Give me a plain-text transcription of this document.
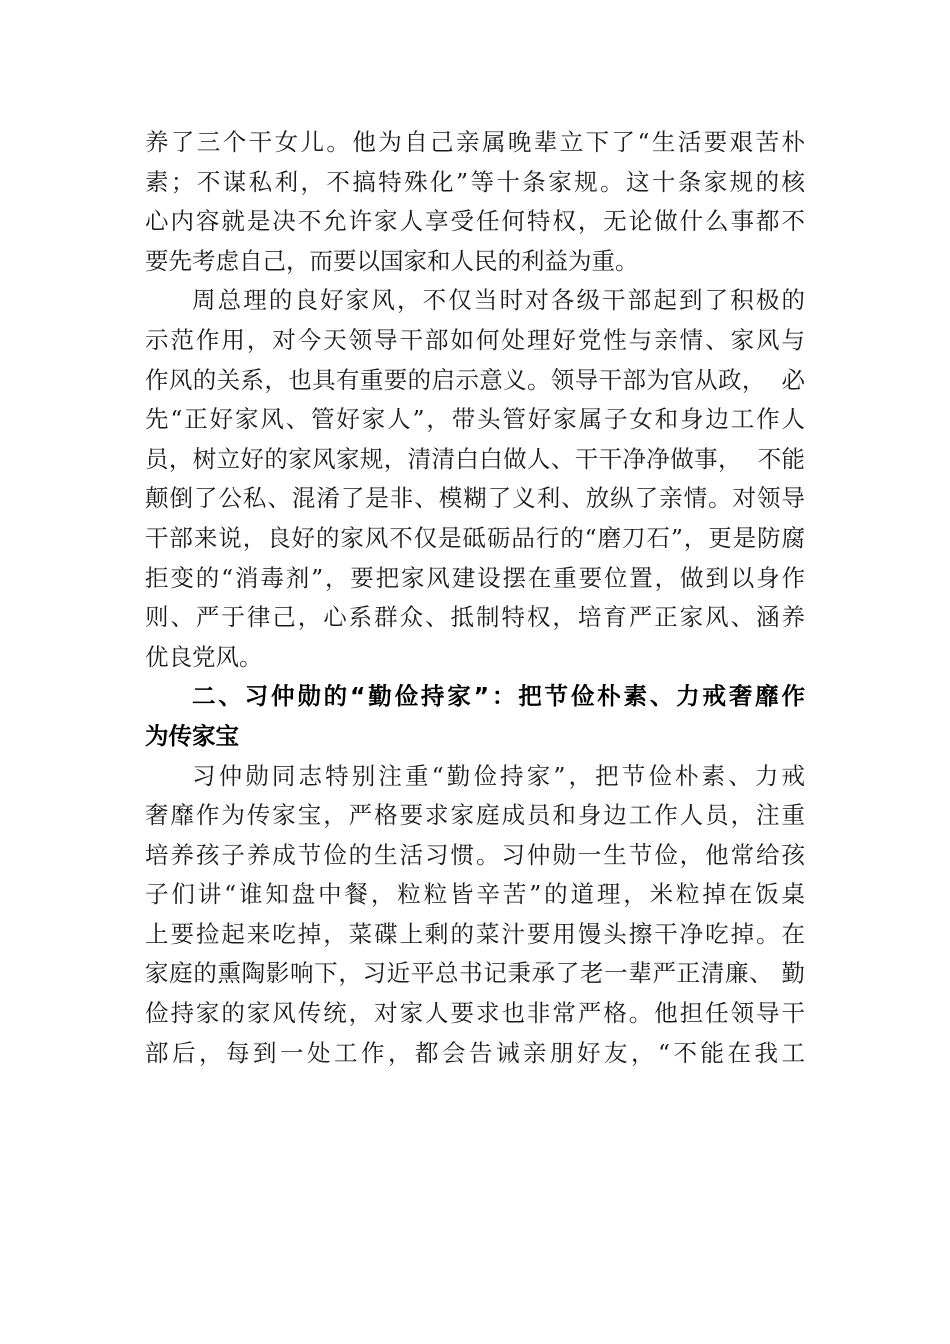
养了三个干女儿。他为自己亲属晚辈立下了“生活要艰苦朴
素；不谋私利，不搞特殊化”等十条家规。这十条家规的核
心内容就是决不允许家人享受任何特权，无论做什么事都不
要先考虑自己，而要以国家和人民的利益为重。
周总理的良好家风，不仅当时对各级干部起到了积极的
示范作用，对今天领导干部如何处理好党性与亲情、家风与
作风的关系，也具有重要的启示意义。领导干部为官从政，  必
先“正好家风、管好家人”，带头管好家属子女和身边工作人
员，树立好的家风家规，清清白白做人、干干净净做事，  不能
颠倒了公私、混淆了是非、模糊了义利、放纵了亲情。对领导
干部来说，良好的家风不仅是砥砺品行的“磨刀石”，更是防腐
拒变的“消毒剂”，要把家风建设摆在重要位置，做到以身作
则、严于律己，心系群众、抵制特权，培育严正家风、涵养
优良党风。
二、习仲勋的“勤俭持家”：把节俭朴素、力戒奢靡作
为传家宝
习仲勋同志特别注重“勤俭持家”，把节俭朴素、力戒
奢靡作为传家宝，严格要求家庭成员和身边工作人员，注重
培养孩子养成节俭的生活习惯。习仲勋一生节俭，他常给孩
子们讲“谁知盘中餐，粒粒皆辛苦”的道理，米粒掉在饭桌
上要捡起来吃掉，菜碟上剩的菜汁要用馒头擦干净吃掉。在
家庭的熏陶影响下，习近平总书记秉承了老一辈严正清廉、 勤
俭持家的家风传统，对家人要求也非常严格。他担任领导干
部后，每到一处工作，都会告诫亲朋好友，“不能在我工
